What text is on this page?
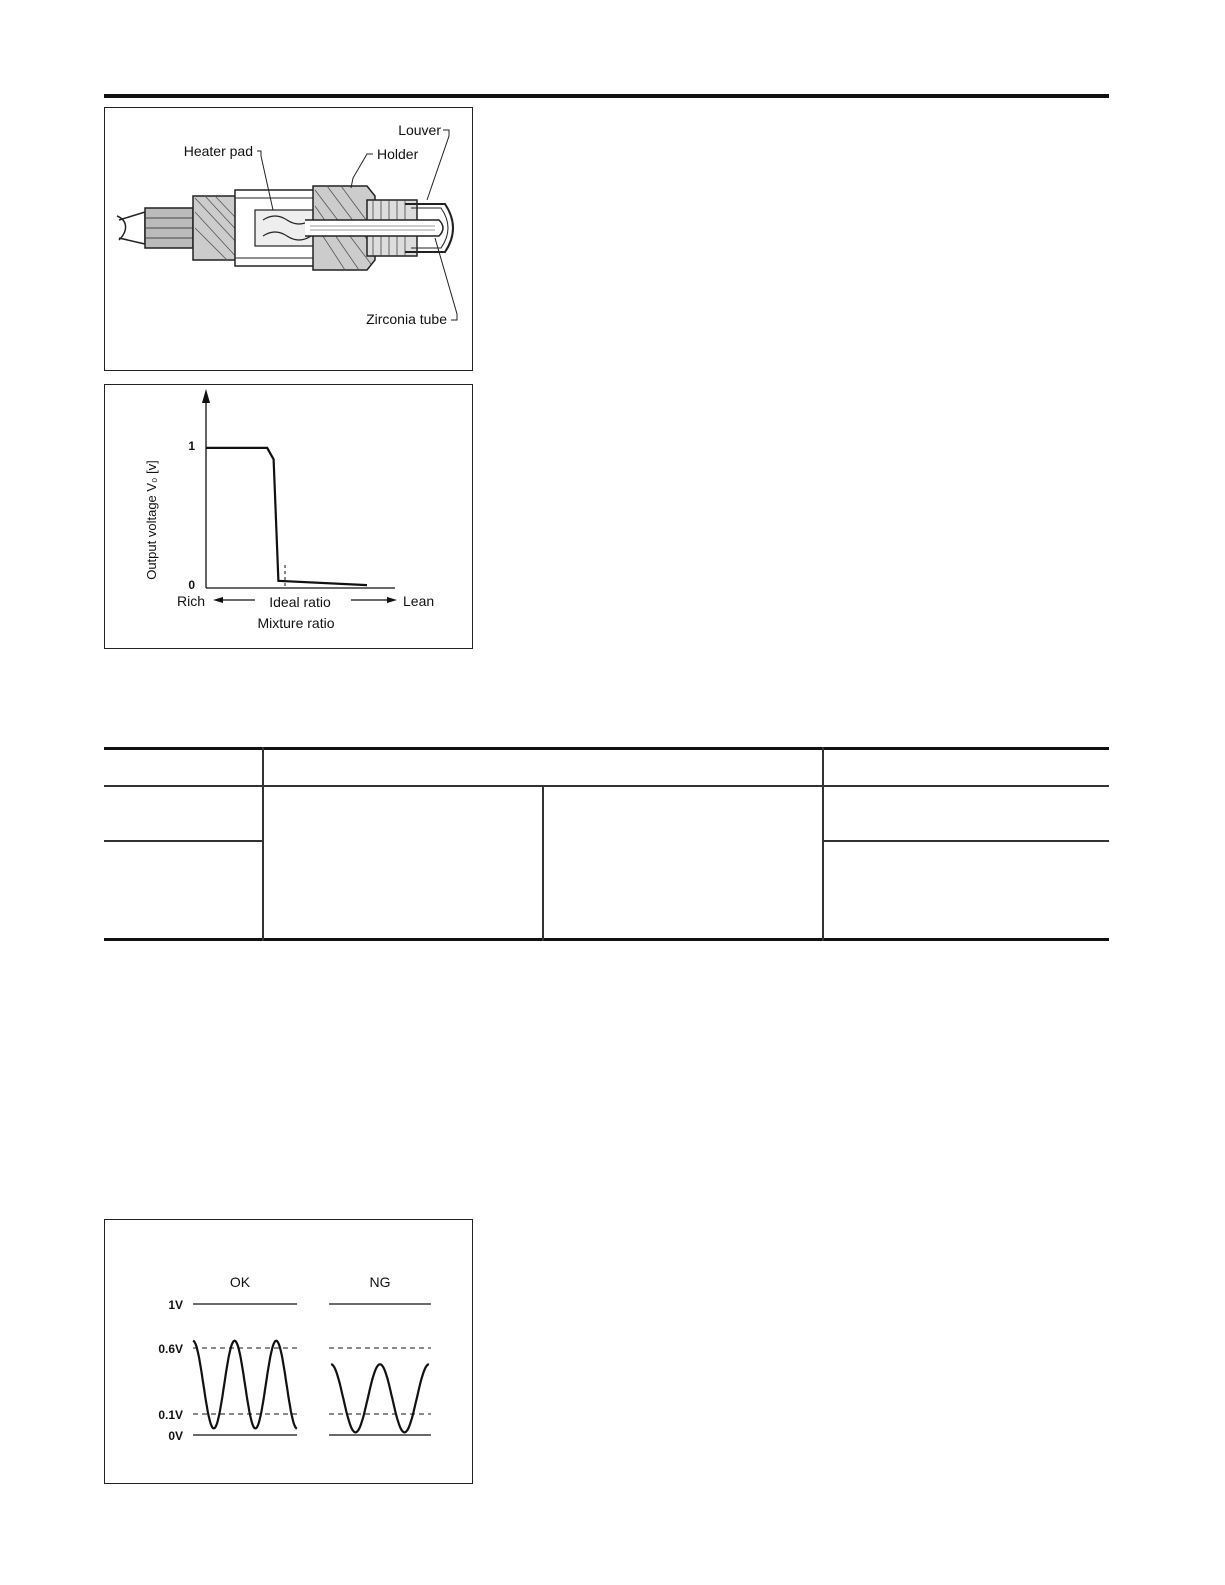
Louver
Heater pad	Holder
Zirconia tube
1
0
Output voltage V₀ [v]
Rich	Ideal ratio	Lean
Mixture ratio
1V
0.6V
0.1V
0V
OK	NG
